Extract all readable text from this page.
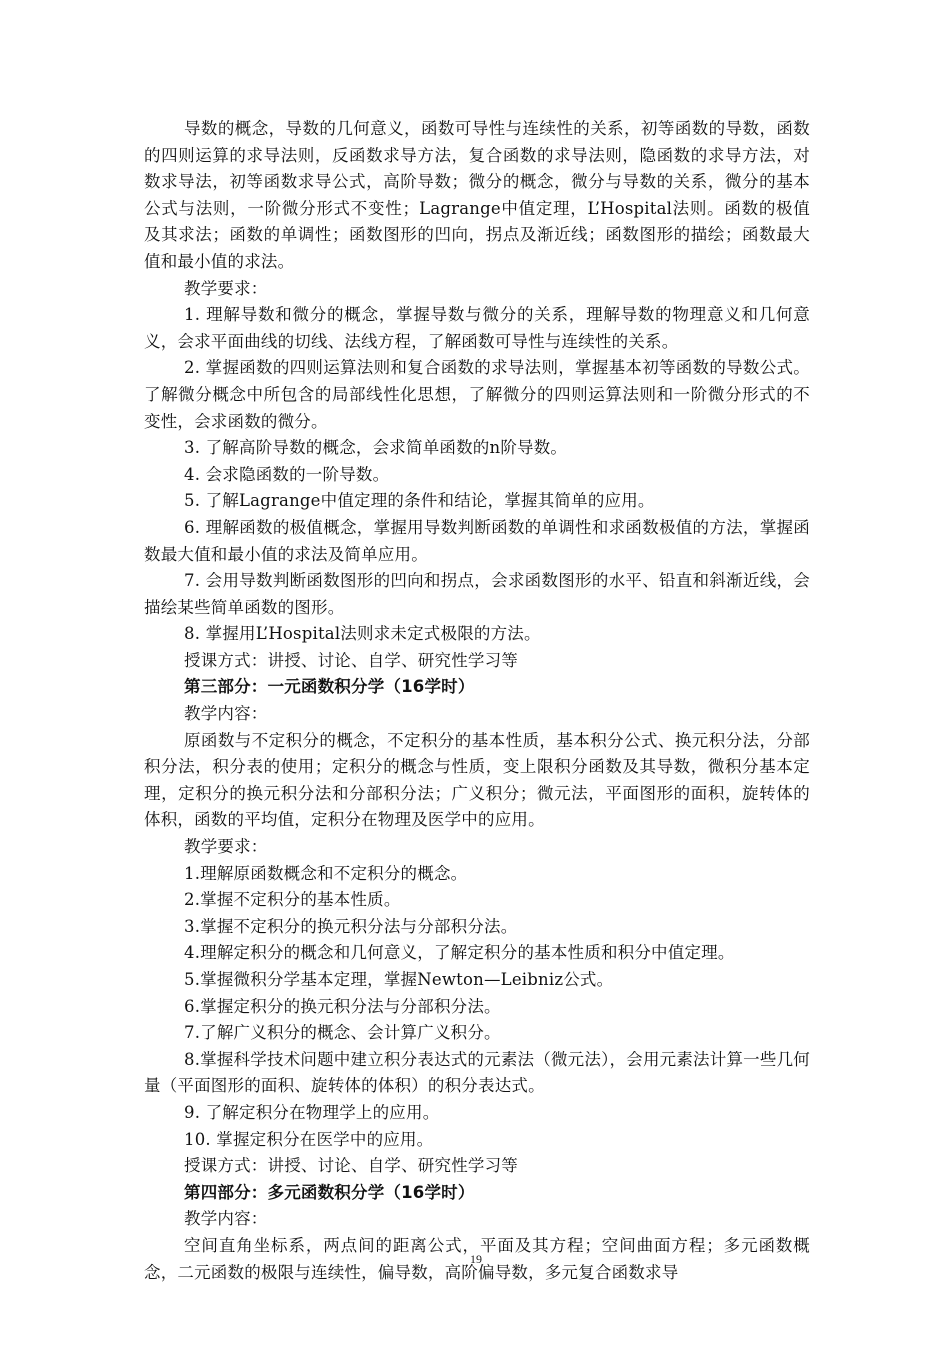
导数的概念，导数的几何意义，函数可导性与连续性的关系，初等函数的导数，函数的四则运算的求导法则，反函数求导方法，复合函数的求导法则，隐函数的求导方法，对数求导法，初等函数求导公式，高阶导数；微分的概念，微分与导数的关系，微分的基本公式与法则，一阶微分形式不变性；Lagrange中值定理，L’Hospital法则。函数的极值及其求法；函数的单调性；函数图形的凹向，拐点及渐近线；函数图形的描绘；函数最大值和最小值的求法。

教学要求：

1. 理解导数和微分的概念，掌握导数与微分的关系，理解导数的物理意义和几何意义，会求平面曲线的切线、法线方程，了解函数可导性与连续性的关系。

2. 掌握函数的四则运算法则和复合函数的求导法则，掌握基本初等函数的导数公式。了解微分概念中所包含的局部线性化思想，了解微分的四则运算法则和一阶微分形式的不变性，会求函数的微分。

3. 了解高阶导数的概念，会求简单函数的n阶导数。

4. 会求隐函数的一阶导数。

5. 了解Lagrange中值定理的条件和结论，掌握其简单的应用。

6. 理解函数的极值概念，掌握用导数判断函数的单调性和求函数极值的方法，掌握函数最大值和最小值的求法及简单应用。

7. 会用导数判断函数图形的凹向和拐点，会求函数图形的水平、铅直和斜渐近线，会描绘某些简单函数的图形。

8. 掌握用L’Hospital法则求未定式极限的方法。

授课方式：讲授、讨论、自学、研究性学习等

第三部分：一元函数积分学（16学时）

教学内容：

原函数与不定积分的概念，不定积分的基本性质，基本积分公式、换元积分法，分部积分法，积分表的使用；定积分的概念与性质，变上限积分函数及其导数，微积分基本定理，定积分的换元积分法和分部积分法；广义积分；微元法，平面图形的面积，旋转体的体积，函数的平均值，定积分在物理及医学中的应用。

教学要求：

1.理解原函数概念和不定积分的概念。

2.掌握不定积分的基本性质。

3.掌握不定积分的换元积分法与分部积分法。

4.理解定积分的概念和几何意义，了解定积分的基本性质和积分中值定理。

5.掌握微积分学基本定理，掌握Newton—Leibniz公式。

6.掌握定积分的换元积分法与分部积分法。

7.了解广义积分的概念、会计算广义积分。

8.掌握科学技术问题中建立积分表达式的元素法（微元法），会用元素法计算一些几何量（平面图形的面积、旋转体的体积）的积分表达式。

9. 了解定积分在物理学上的应用。

10. 掌握定积分在医学中的应用。

授课方式：讲授、讨论、自学、研究性学习等

第四部分：多元函数积分学（16学时）

教学内容：

空间直角坐标系，两点间的距离公式，平面及其方程；空间曲面方程；多元函数概念，二元函数的极限与连续性，偏导数，高阶偏导数，多元复合函数求导

19
